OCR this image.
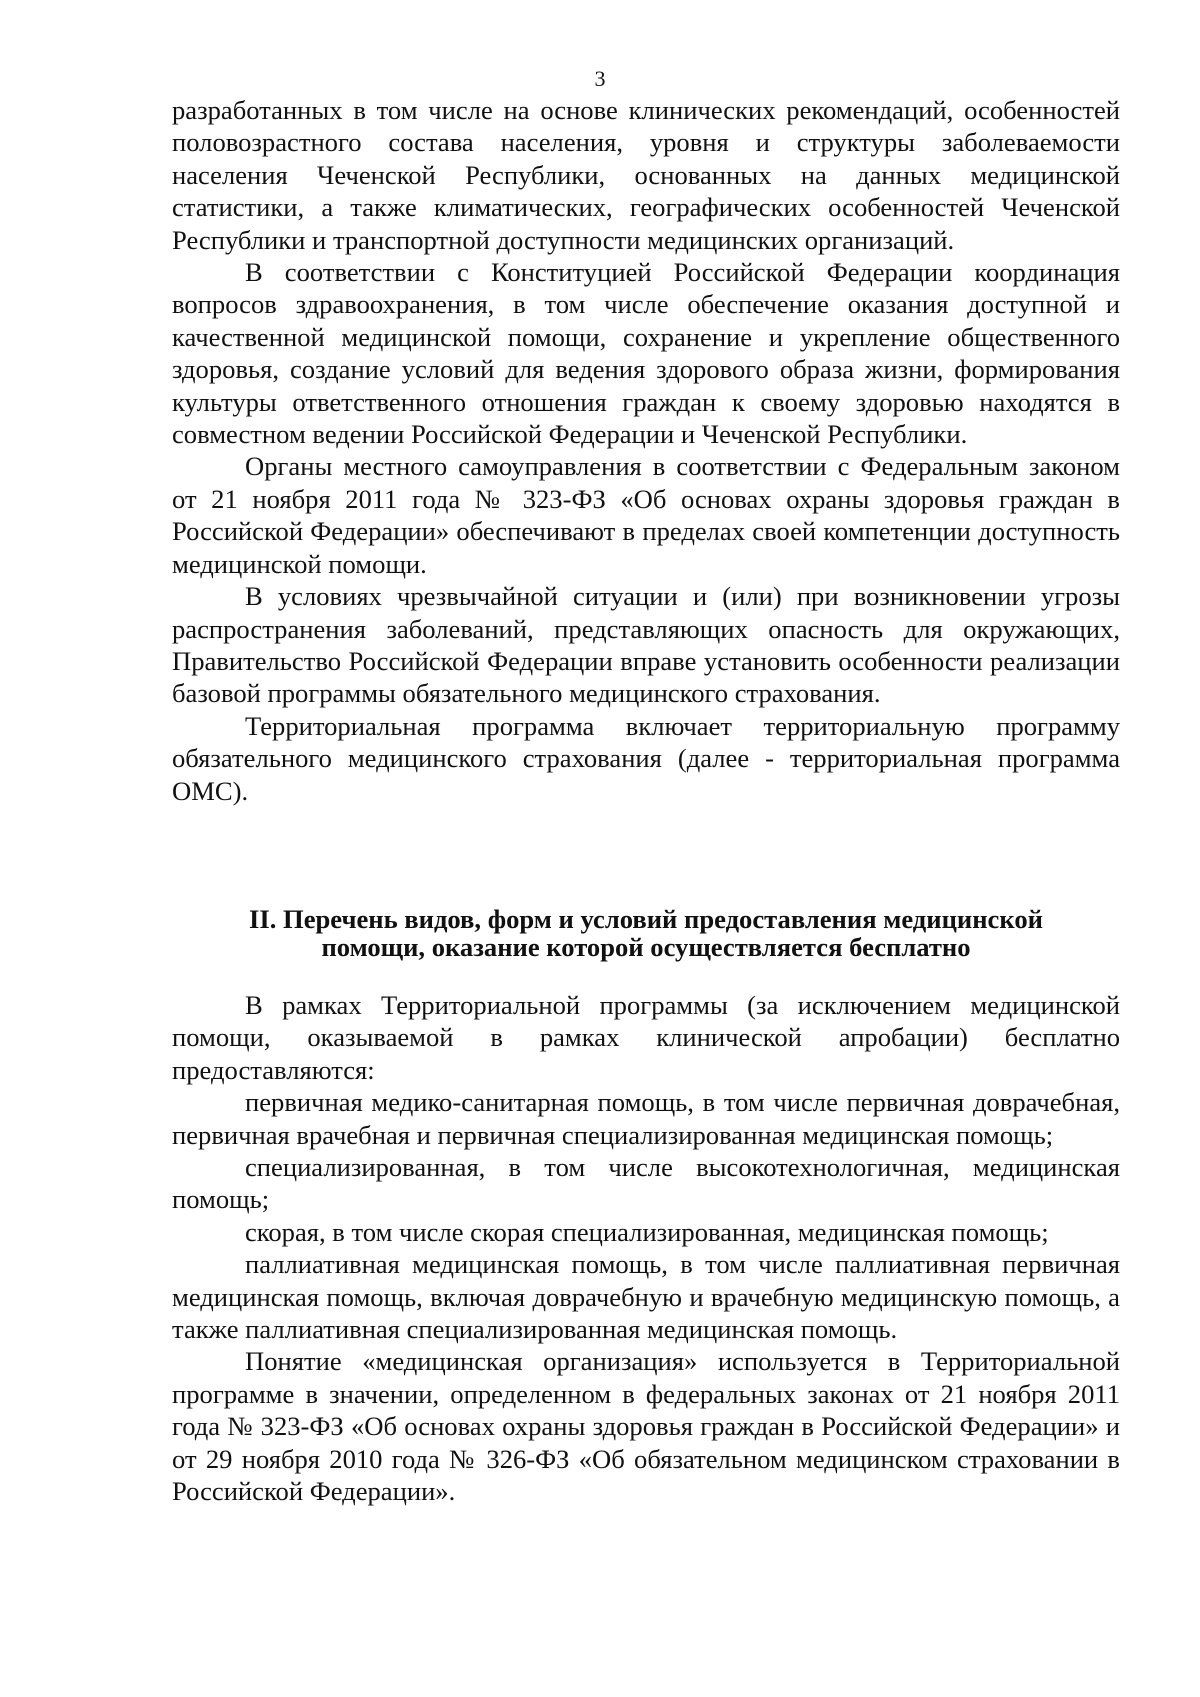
3

разработанных в том числе на основе клинических рекомендаций, особенностей половозрастного состава населения, уровня и структуры заболеваемости населения Чеченской Республики, основанных на данных медицинской статистики, а также климатических, географических особенностей Чеченской Республики и транспортной доступности медицинских организаций.

В соответствии с Конституцией Российской Федерации координация вопросов здравоохранения, в том числе обеспечение оказания доступной и качественной медицинской помощи, сохранение и укрепление общественного здоровья, создание условий для ведения здорового образа жизни, формирования культуры ответственного отношения граждан к своему здоровью находятся в совместном ведении Российской Федерации и Чеченской Республики.

Органы местного самоуправления в соответствии с Федеральным законом от 21 ноября 2011 года № 323-ФЗ «Об основах охраны здоровья граждан в Российской Федерации» обеспечивают в пределах своей компетенции доступность медицинской помощи.

В условиях чрезвычайной ситуации и (или) при возникновении угрозы распространения заболеваний, представляющих опасность для окружающих, Правительство Российской Федерации вправе установить особенности реализации базовой программы обязательного медицинского страхования.

Территориальная программа включает территориальную программу обязательного медицинского страхования (далее - территориальная программа ОМС).

II. Перечень видов, форм и условий предоставления медицинской
помощи, оказание которой осуществляется бесплатно

В рамках Территориальной программы (за исключением медицинской помощи, оказываемой в рамках клинической апробации) бесплатно предоставляются:

первичная медико-санитарная помощь, в том числе первичная доврачебная, первичная врачебная и первичная специализированная медицинская помощь;

специализированная, в том числе высокотехнологичная, медицинская помощь;

скорая, в том числе скорая специализированная, медицинская помощь;

паллиативная медицинская помощь, в том числе паллиативная первичная медицинская помощь, включая доврачебную и врачебную медицинскую помощь, а также паллиативная специализированная медицинская помощь.

Понятие «медицинская организация» используется в Территориальной программе в значении, определенном в федеральных законах от 21 ноября 2011 года № 323-ФЗ «Об основах охраны здоровья граждан в Российской Федерации» и от 29 ноября 2010 года № 326-ФЗ «Об обязательном медицинском страховании в Российской Федерации».
